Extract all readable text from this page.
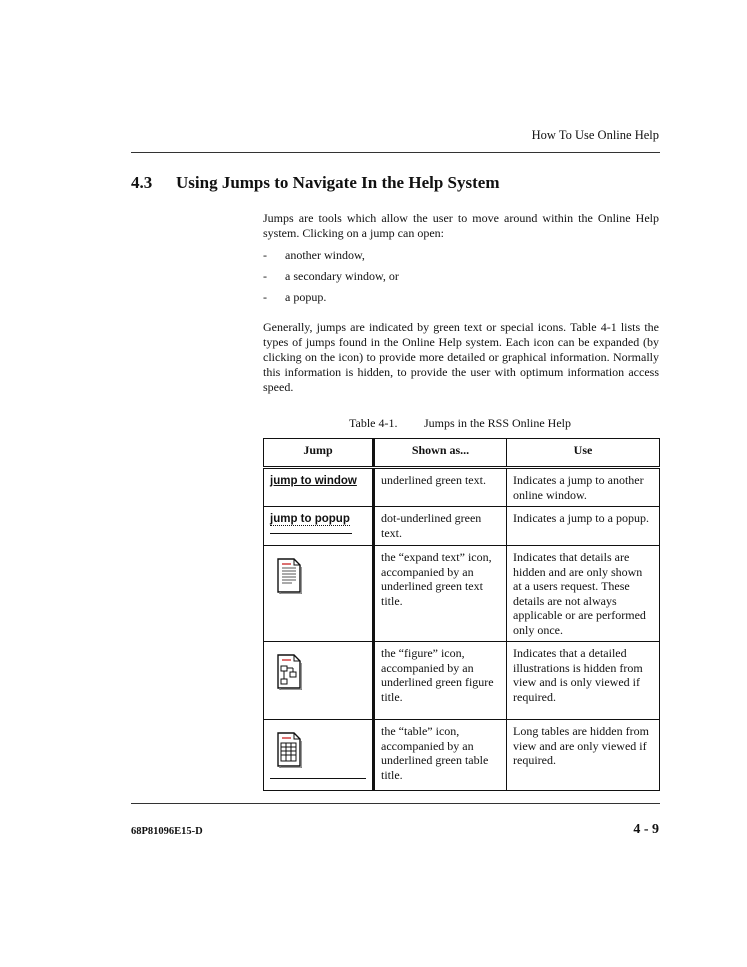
How To Use Online Help
4.3 Using Jumps to Navigate In the Help System
Jumps are tools which allow the user to move around within the Online Help system. Clicking on a jump can open:
-	another window,
-	a secondary window, or
-	a popup.
Generally, jumps are indicated by green text or special icons. Table 4-1 lists the types of jumps found in the Online Help system. Each icon can be expanded (by clicking on the icon) to provide more detailed or graphical information. Normally this information is hidden, to provide the user with optimum information access speed.
Table 4-1. Jumps in the RSS Online Help
Jump	Shown as...	Use
jump to window	underlined green text.	Indicates a jump to another online window.
jump to popup	dot-underlined green text.	Indicates a jump to a popup.
	the “expand text” icon, accompanied by an underlined green text title.	Indicates that details are hidden and are only shown at a users request. These details are not always applicable or are performed only once.
	the “figure” icon, accompanied by an underlined green figure title.	Indicates that a detailed illustrations is hidden from view and is only viewed if required.

	the “table” icon, accompanied by an underlined green table title.	Long tables are hidden from view and are only viewed if required.
68P81096E15-D	4 - 9
